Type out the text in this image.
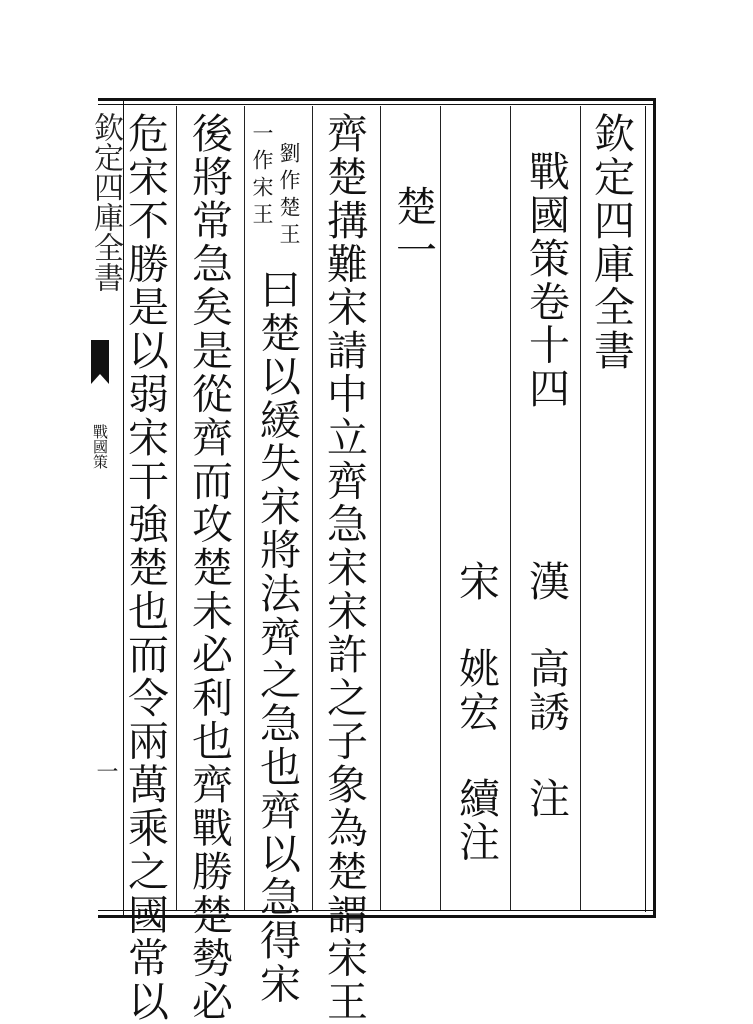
欽定四庫全書
戰國策
一
欽定四庫全書
戰國策卷十四
漢　高誘　注
宋　姚宏　續注
楚一
齊楚搆難宋請中立齊急宋宋許之子象為楚謂宋王
劉作楚王
一作宋王
曰楚以緩失宋將法齊之急也齊以急得宋
後將常急矣是從齊而攻楚未必利也齊戰勝楚勢必
危宋不勝是以弱宋干強楚也而令兩萬乘之國常以
